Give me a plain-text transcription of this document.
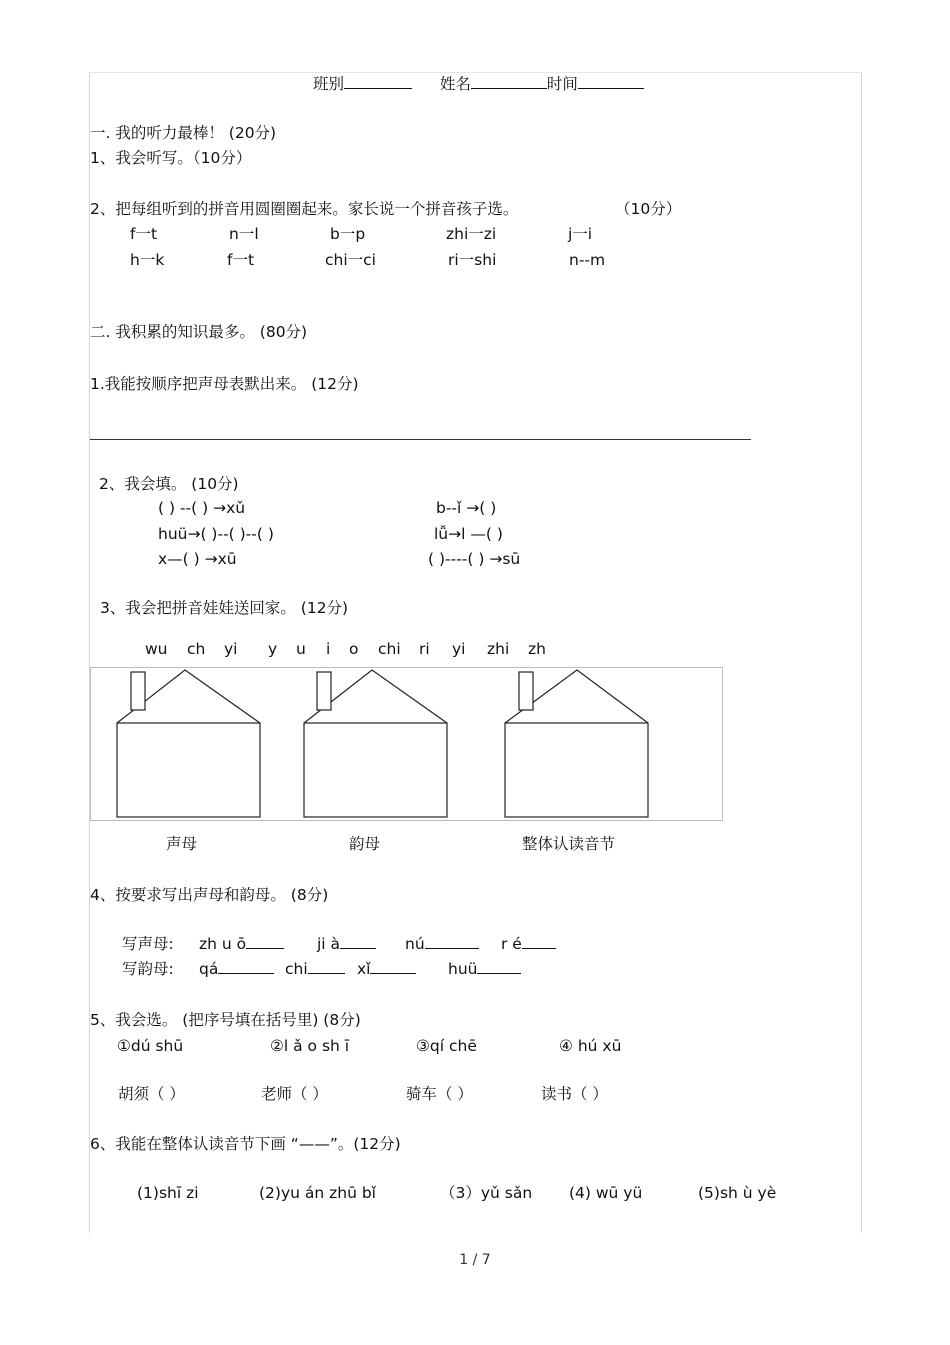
班别	姓名	时间
一. 我的听力最棒！ (20分)
1、我会听写。（10分）
2、把每组听到的拼音用圆圈圈起来。家长说一个拼音孩子选。	（10分）
f一t	n一l	b一p	zhi一zi	j一i
h一k	f一t	chi一ci	ri一shi	n--m
二. 我积累的知识最多。 (80分)
1.我能按顺序把声母表默出来。 (12分)
2、我会填。 (10分)
( ) --( ) →xǔ	b--ǐ →( )
huü→( )--( )--( )	lǚ→l —( )
x—( ) →xū	( )----( ) →sū
3、我会把拼音娃娃送回家。 (12分)
wu ch yi y u i o chi ri yi zhi zh
声母	韵母	整体认读音节
4、按要求写出声母和韵母。 (8分)
写声母: zh u ō	ji à	nú	r é
写韵母: qá	chi	xǐ	huü
5、我会选。 (把序号填在括号里) (8分)
①dú shū	②l ǎ o sh ī	③qí chē	④ hú xū
胡须（ ）	老师（ ）	骑车（ ）	读书（ ）
6、我能在整体认读音节下画 “——”。(12分)
(1)shī zi	(2)yu án zhū bǐ	（3）yǔ sǎn (4) wū yü	(5)sh ù yè
1 / 7
